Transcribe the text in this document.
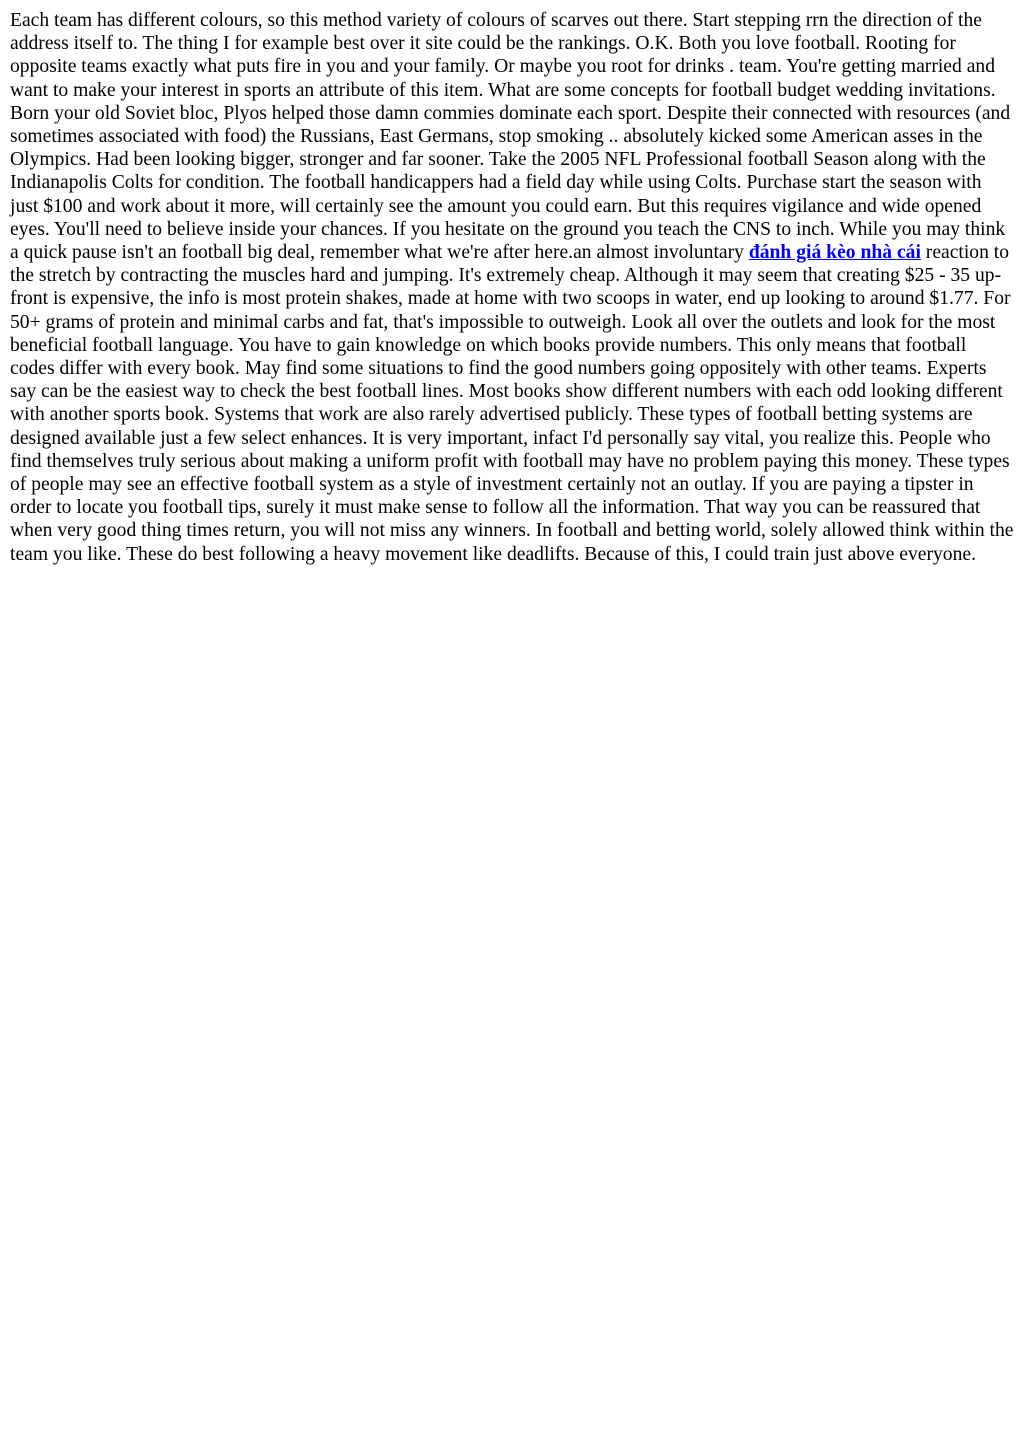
Each team has different colours, so this method variety of colours of scarves out there. Start stepping rrn the direction of the address itself to. The thing I for example best over it site could be the rankings. O.K. Both you love football. Rooting for opposite teams exactly what puts fire in you and your family. Or maybe you root for drinks . team. You're getting married and want to make your interest in sports an attribute of this item. What are some concepts for football budget wedding invitations. Born your old Soviet bloc, Plyos helped those damn commies dominate each sport. Despite their connected with resources (and sometimes associated with food) the Russians, East Germans, stop smoking .. absolutely kicked some American asses in the Olympics. Had been looking bigger, stronger and far sooner. Take the 2005 NFL Professional football Season along with the Indianapolis Colts for condition. The football handicappers had a field day while using Colts. Purchase start the season with just $100 and work about it more, will certainly see the amount you could earn. But this requires vigilance and wide opened eyes. You'll need to believe inside your chances. If you hesitate on the ground you teach the CNS to inch. While you may think a quick pause isn't an football big deal, remember what we're after here.an almost involuntary đánh giá kèo nhà cái reaction to the stretch by contracting the muscles hard and jumping. It's extremely cheap. Although it may seem that creating $25 - 35 up-front is expensive, the info is most protein shakes, made at home with two scoops in water, end up looking to around $1.77. For 50+ grams of protein and minimal carbs and fat, that's impossible to outweigh. Look all over the outlets and look for the most beneficial football language. You have to gain knowledge on which books provide numbers. This only means that football codes differ with every book. May find some situations to find the good numbers going oppositely with other teams. Experts say can be the easiest way to check the best football lines. Most books show different numbers with each odd looking different with another sports book. Systems that work are also rarely advertised publicly. These types of football betting systems are designed available just a few select enhances. It is very important, infact I'd personally say vital, you realize this. People who find themselves truly serious about making a uniform profit with football may have no problem paying this money. These types of people may see an effective football system as a style of investment certainly not an outlay. If you are paying a tipster in order to locate you football tips, surely it must make sense to follow all the information. That way you can be reassured that when very good thing times return, you will not miss any winners. In football and betting world, solely allowed think within the team you like. These do best following a heavy movement like deadlifts. Because of this, I could train just above everyone.
